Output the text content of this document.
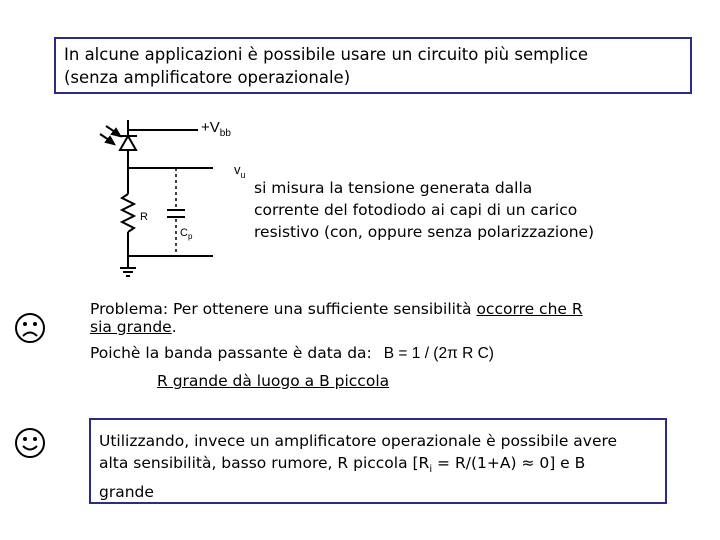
In alcune applicazioni è possibile usare un circuito più semplice
(senza amplificatore operazionale)
$+V_{bb}$
$v_u$
R
$C_p$
si misura la tensione generata dalla
corrente del fotodiodo ai capi di un carico
resistivo (con, oppure senza polarizzazione)
Problema: Per ottenere una sufficiente sensibilità occorre che R
sia grande.
Poichè la banda passante è data da: B = 1 / (2π R C)
R grande dà luogo a B piccola
Utilizzando, invece un amplificatore operazionale è possibile avere
alta sensibilità, basso rumore, R piccola $[R_i = R/(1+A) \approx 0]$ e B
grande
